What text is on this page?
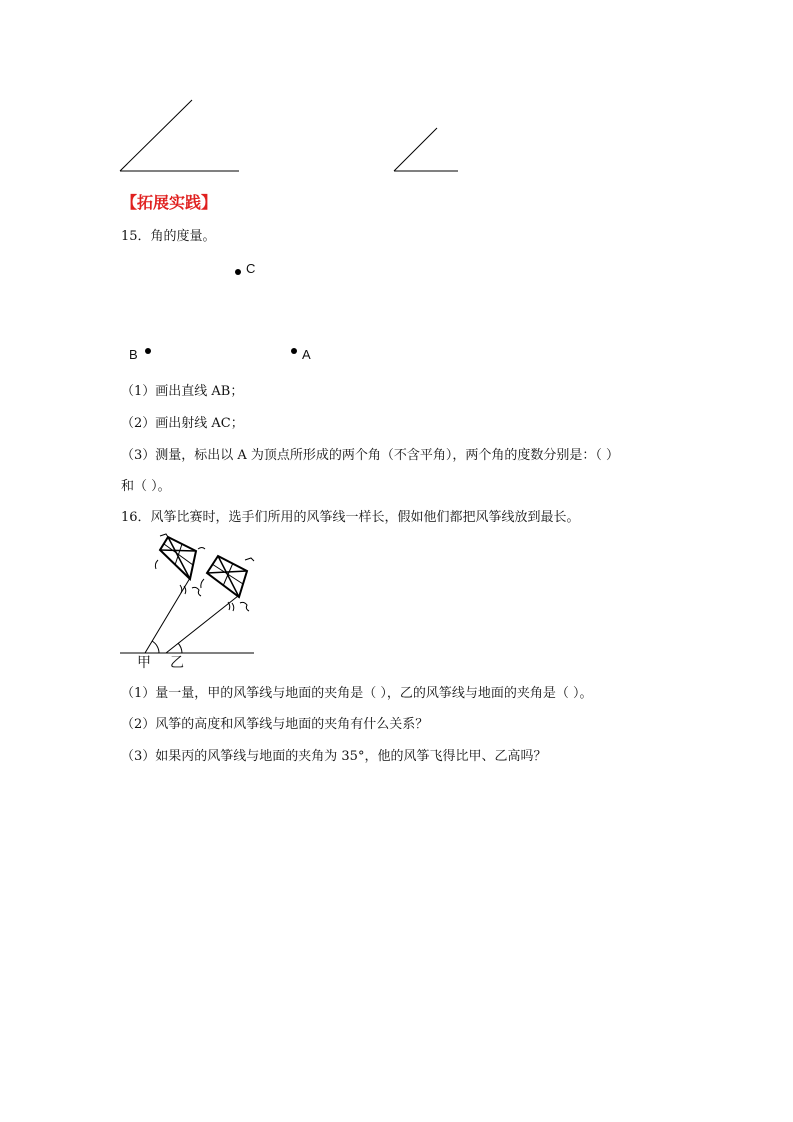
【拓展实践】
15．角的度量。
C
B	A
（1）画出直线 AB；
（2）画出射线 AC；
（3）测量，标出以 A 为顶点所形成的两个角（不含平角），两个角的度数分别是：（ ）
和（ ）。
16．风筝比赛时，选手们所用的风筝线一样长，假如他们都把风筝线放到最长。
甲 乙
（1）量一量，甲的风筝线与地面的夹角是（ ），乙的风筝线与地面的夹角是（ ）。
（2）风筝的高度和风筝线与地面的夹角有什么关系？
（3）如果丙的风筝线与地面的夹角为 35°，他的风筝飞得比甲、乙高吗？
